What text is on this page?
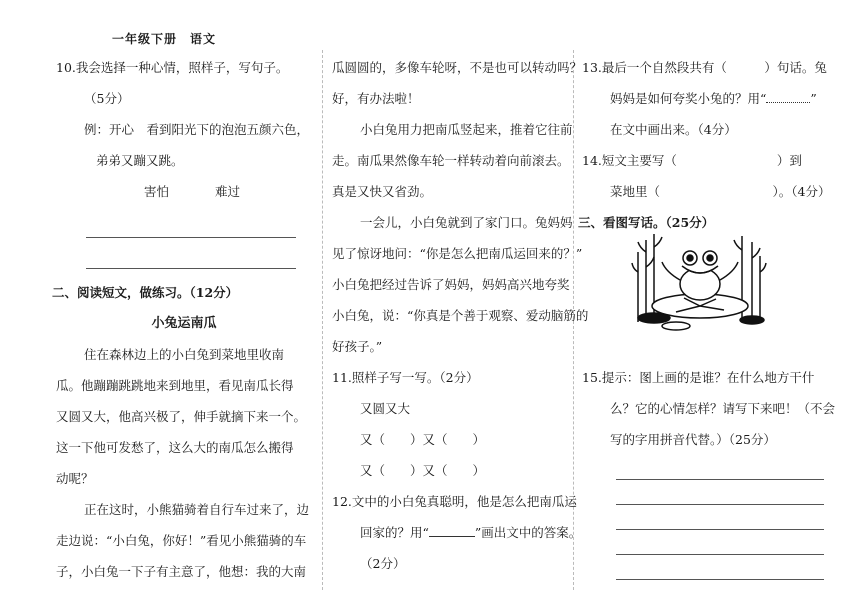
一年级下册　语文

10.我会选择一种心情，照样子，写句子。

（5分）

例：开心　看到阳光下的泡泡五颜六色，

弟弟又蹦又跳。

害怕	难过

二、阅读短文，做练习。（12分）

小兔运南瓜

住在森林边上的小白兔到菜地里收南

瓜。他蹦蹦跳跳地来到地里，看见南瓜长得

又圆又大，他高兴极了，伸手就摘下来一个。

这一下他可发愁了，这么大的南瓜怎么搬得

动呢？

正在这时，小熊猫骑着自行车过来了，边

走边说：“小白兔，你好！”看见小熊猫骑的车

子，小白兔一下子有主意了，他想：我的大南

瓜圆圆的，多像车轮呀，不是也可以转动吗？

好，有办法啦！

小白兔用力把南瓜竖起来，推着它往前

走。南瓜果然像车轮一样转动着向前滚去。

真是又快又省劲。

一会儿，小白兔就到了家门口。兔妈妈

见了惊讶地问：“你是怎么把南瓜运回来的？”

小白兔把经过告诉了妈妈，妈妈高兴地夸奖

小白兔，说：“你真是个善于观察、爱动脑筋的

好孩子。”

11.照样子写一写。（2分）

又圆又大

又（　　）又（　　）

又（　　）又（　　）

12.文中的小白兔真聪明，他是怎么把南瓜运

回家的？用“	”画出文中的答案。

（2分）

13.最后一个自然段共有（　　　）句话。兔

妈妈是如何夸奖小兔的？用“	”

在文中画出来。（4分）

14.短文主要写（　　　　　　　　）到

菜地里（　　　　　　　　　）。（4分）

三、看图写话。（25分）

15.提示：图上画的是谁？在什么地方干什

么？它的心情怎样？请写下来吧！（不会

写的字用拼音代替。）（25分）
